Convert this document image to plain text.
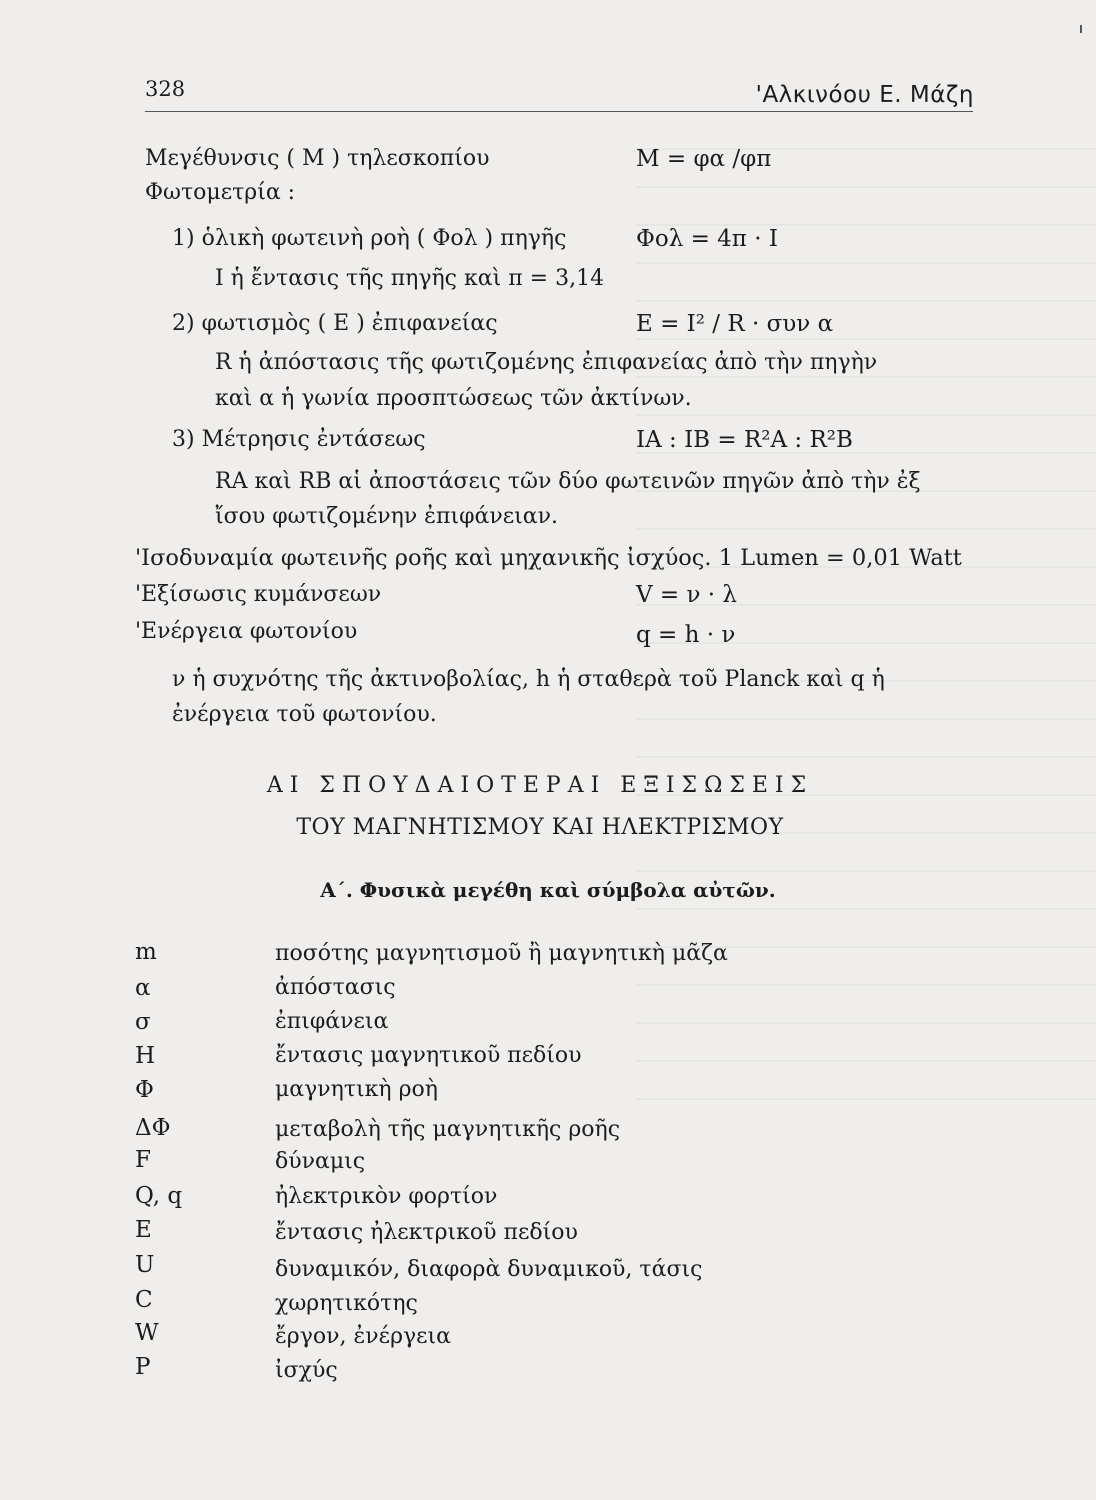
328	'Αλκινόου Ε. Μάζη
Μεγέθυνσις ( Μ ) τηλεσκοπίου	Μ = φα /φπ
Φωτομετρία :
1) ὁλικὴ φωτεινὴ ροὴ ( Φολ ) πηγῆς	Φολ = 4π · I
I ἡ ἔντασις τῆς πηγῆς καὶ π = 3,14
2) φωτισμὸς ( E ) ἐπιφανείας	E = I² / R · συν α
R ἡ ἀπόστασις τῆς φωτιζομένης ἐπιφανείας ἀπὸ τὴν πηγὴν
καὶ α ἡ γωνία προσπτώσεως τῶν ἀκτίνων.
3) Μέτρησις ἐντάσεως	IA : IB = R²A : R²B
RA καὶ RB αἱ ἀποστάσεις τῶν δύο φωτεινῶν πηγῶν ἀπὸ τὴν ἐξ
ἴσου φωτιζομένην ἐπιφάνειαν.
'Ισοδυναμία φωτεινῆς ροῆς καὶ μηχανικῆς ἰσχύος. 1 Lumen = 0,01 Watt
'Εξίσωσις κυμάνσεων	V = ν · λ
'Ενέργεια φωτονίου	q = h · ν
ν ἡ συχνότης τῆς ἀκτινοβολίας, h ἡ σταθερὰ τοῦ Planck καὶ q ἡ
ἐνέργεια τοῦ φωτονίου.
ΑΙ ΣΠΟΥΔΑΙΟΤΕΡΑΙ ΕΞΙΣΩΣΕΙΣ
ΤΟΥ ΜΑΓΝΗΤΙΣΜΟΥ ΚΑΙ ΗΛΕΚΤΡΙΣΜΟΥ
Α΄. Φυσικὰ μεγέθη καὶ σύμβολα αὐτῶν.
m	ποσότης μαγνητισμοῦ ἢ μαγνητικὴ μᾶζα
α	ἀπόστασις
σ	ἐπιφάνεια
H	ἔντασις μαγνητικοῦ πεδίου
Φ	μαγνητικὴ ροὴ
ΔΦ	μεταβολὴ τῆς μαγνητικῆς ροῆς
F	δύναμις
Q, q	ἠλεκτρικὸν φορτίον
E	ἔντασις ἠλεκτρικοῦ πεδίου
U	δυναμικόν, διαφορὰ δυναμικοῦ, τάσις
C	χωρητικότης
W	ἔργον, ἐνέργεια
P	ἰσχύς
